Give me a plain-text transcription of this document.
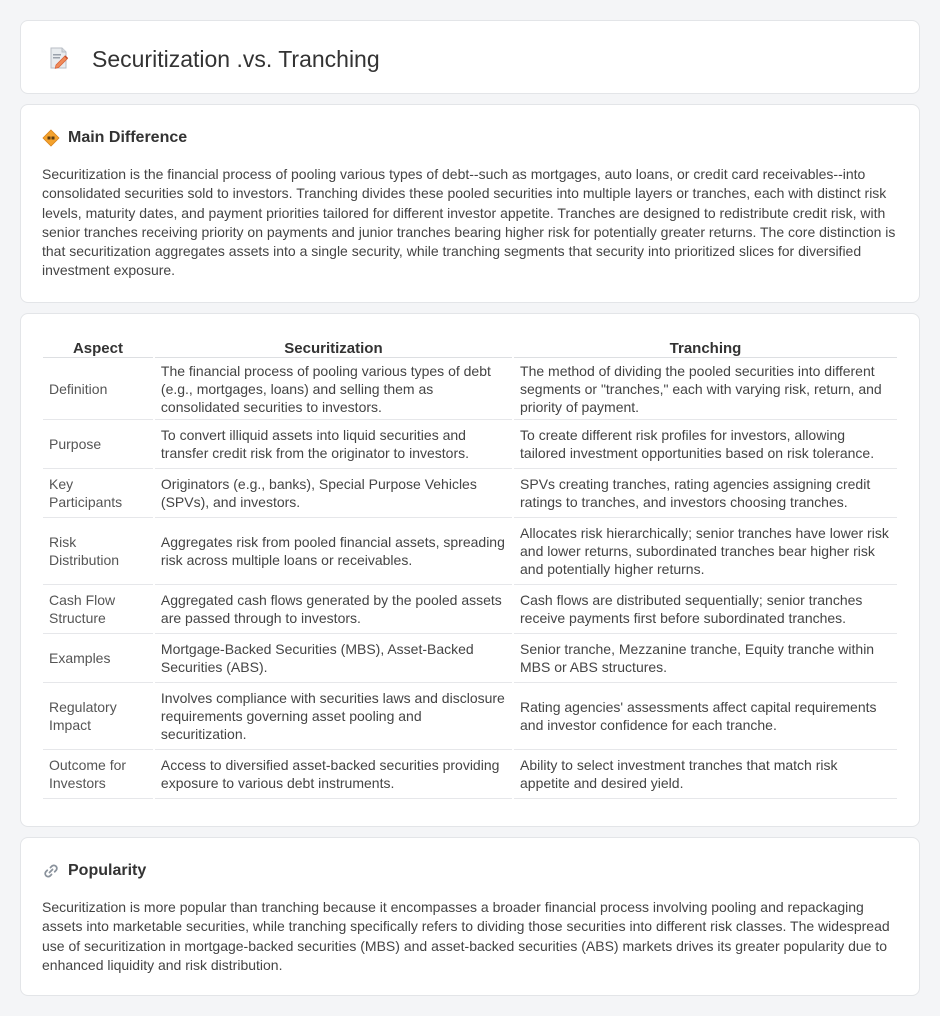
Securitization .vs. Tranching
Main Difference

Securitization is the financial process of pooling various types of debt--such as mortgages, auto loans, or credit card receivables--into consolidated securities sold to investors. Tranching divides these pooled securities into multiple layers or tranches, each with distinct risk levels, maturity dates, and payment priorities tailored for different investor appetite. Tranches are designed to redistribute credit risk, with senior tranches receiving priority on payments and junior tranches bearing higher risk for potentially greater returns. The core distinction is that securitization aggregates assets into a single security, while tranching segments that security into prioritized slices for diversified investment exposure.

Aspect	Securitization	Tranching
Definition	The financial process of pooling various types of debt (e.g., mortgages, loans) and selling them as consolidated securities to investors.	The method of dividing the pooled securities into different segments or "tranches," each with varying risk, return, and priority of payment.
Purpose	To convert illiquid assets into liquid securities and transfer credit risk from the originator to investors.	To create different risk profiles for investors, allowing tailored investment opportunities based on risk tolerance.
Key Participants	Originators (e.g., banks), Special Purpose Vehicles (SPVs), and investors.	SPVs creating tranches, rating agencies assigning credit ratings to tranches, and investors choosing tranches.
Risk Distribution	Aggregates risk from pooled financial assets, spreading risk across multiple loans or receivables.	Allocates risk hierarchically; senior tranches have lower risk and lower returns, subordinated tranches bear higher risk and potentially higher returns.
Cash Flow Structure	Aggregated cash flows generated by the pooled assets are passed through to investors.	Cash flows are distributed sequentially; senior tranches receive payments first before subordinated tranches.
Examples	Mortgage-Backed Securities (MBS), Asset-Backed Securities (ABS).	Senior tranche, Mezzanine tranche, Equity tranche within MBS or ABS structures.
Regulatory Impact	Involves compliance with securities laws and disclosure requirements governing asset pooling and securitization.	Rating agencies' assessments affect capital requirements and investor confidence for each tranche.
Outcome for Investors	Access to diversified asset-backed securities providing exposure to various debt instruments.	Ability to select investment tranches that match risk appetite and desired yield.
Popularity

Securitization is more popular than tranching because it encompasses a broader financial process involving pooling and repackaging assets into marketable securities, while tranching specifically refers to dividing those securities into different risk classes. The widespread use of securitization in mortgage-backed securities (MBS) and asset-backed securities (ABS) markets drives its greater popularity due to enhanced liquidity and risk distribution.
